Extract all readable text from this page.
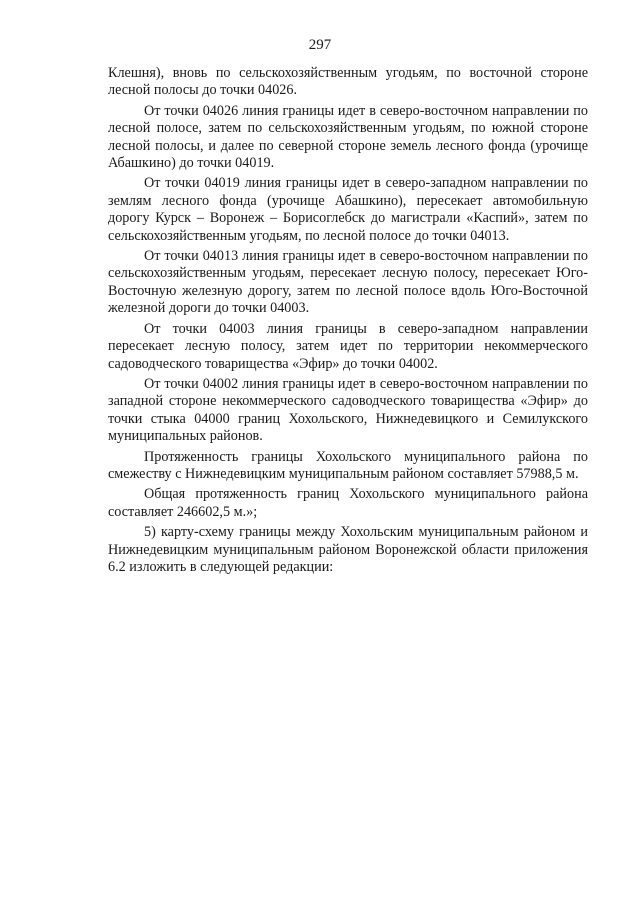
297

Клешня), вновь по сельскохозяйственным угодьям, по восточной стороне лесной полосы до точки 04026.

От точки 04026 линия границы идет в северо-восточном направлении по лесной полосе, затем по сельскохозяйственным угодьям, по южной стороне лесной полосы, и далее по северной стороне земель лесного фонда (урочище Абашкино) до точки 04019.

От точки 04019 линия границы идет в северо-западном направлении по землям лесного фонда (урочище Абашкино), пересекает автомобильную дорогу Курск – Воронеж – Борисоглебск до магистрали «Каспий», затем по сельскохозяйственным угодьям, по лесной полосе до точки 04013.

От точки 04013 линия границы идет в северо-восточном направлении по сельскохозяйственным угодьям, пересекает лесную полосу, пересекает Юго-Восточную железную дорогу, затем по лесной полосе вдоль Юго-Восточной железной дороги до точки 04003.

От точки 04003 линия границы в северо-западном направлении пересекает лесную полосу, затем идет по территории некоммерческого садоводческого товарищества «Эфир» до точки 04002.

От точки 04002 линия границы идет в северо-восточном направлении по западной стороне некоммерческого садоводческого товарищества «Эфир» до точки стыка 04000 границ Хохольского, Нижнедевицкого и Семилукского муниципальных районов.

Протяженность границы Хохольского муниципального района по смежеству с Нижнедевицким муниципальным районом составляет 57988,5 м.

Общая протяженность границ Хохольского муниципального района составляет 246602,5 м.»;

5) карту-схему границы между Хохольским муниципальным районом и Нижнедевицким муниципальным районом Воронежской области приложения 6.2 изложить в следующей редакции:
